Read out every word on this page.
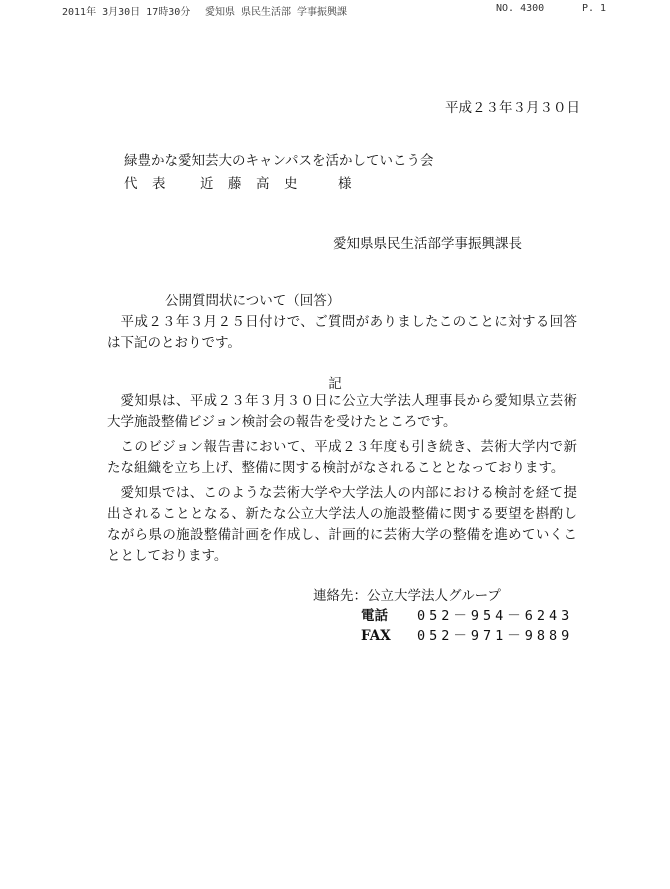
2011年 3月30日 17時30分 愛知県 県民生活部 学事振興課	NO. 4300	P. 1
平成２３年３月３０日
緑豊かな愛知芸大のキャンパスを活かしていこう会
代　表	近　藤　高　史	様
愛知県県民生活部学事振興課長
公開質問状について（回答）

平成２３年３月２５日付けで、ご質問がありましたこのことに対する回答は下記のとおりです。

記

愛知県は、平成２３年３月３０日に公立大学法人理事長から愛知県立芸術大学施設整備ビジョン検討会の報告を受けたところです。

このビジョン報告書において、平成２３年度も引き続き、芸術大学内で新たな組織を立ち上げ、整備に関する検討がなされることとなっております。

愛知県では、このような芸術大学や大学法人の内部における検討を経て提出されることとなる、新たな公立大学法人の施設整備に関する要望を斟酌しながら県の施設整備計画を作成し、計画的に芸術大学の整備を進めていくこととしております。

連絡先：公立大学法人グループ
電話 052－954－6243
FAX 052－971－9889
